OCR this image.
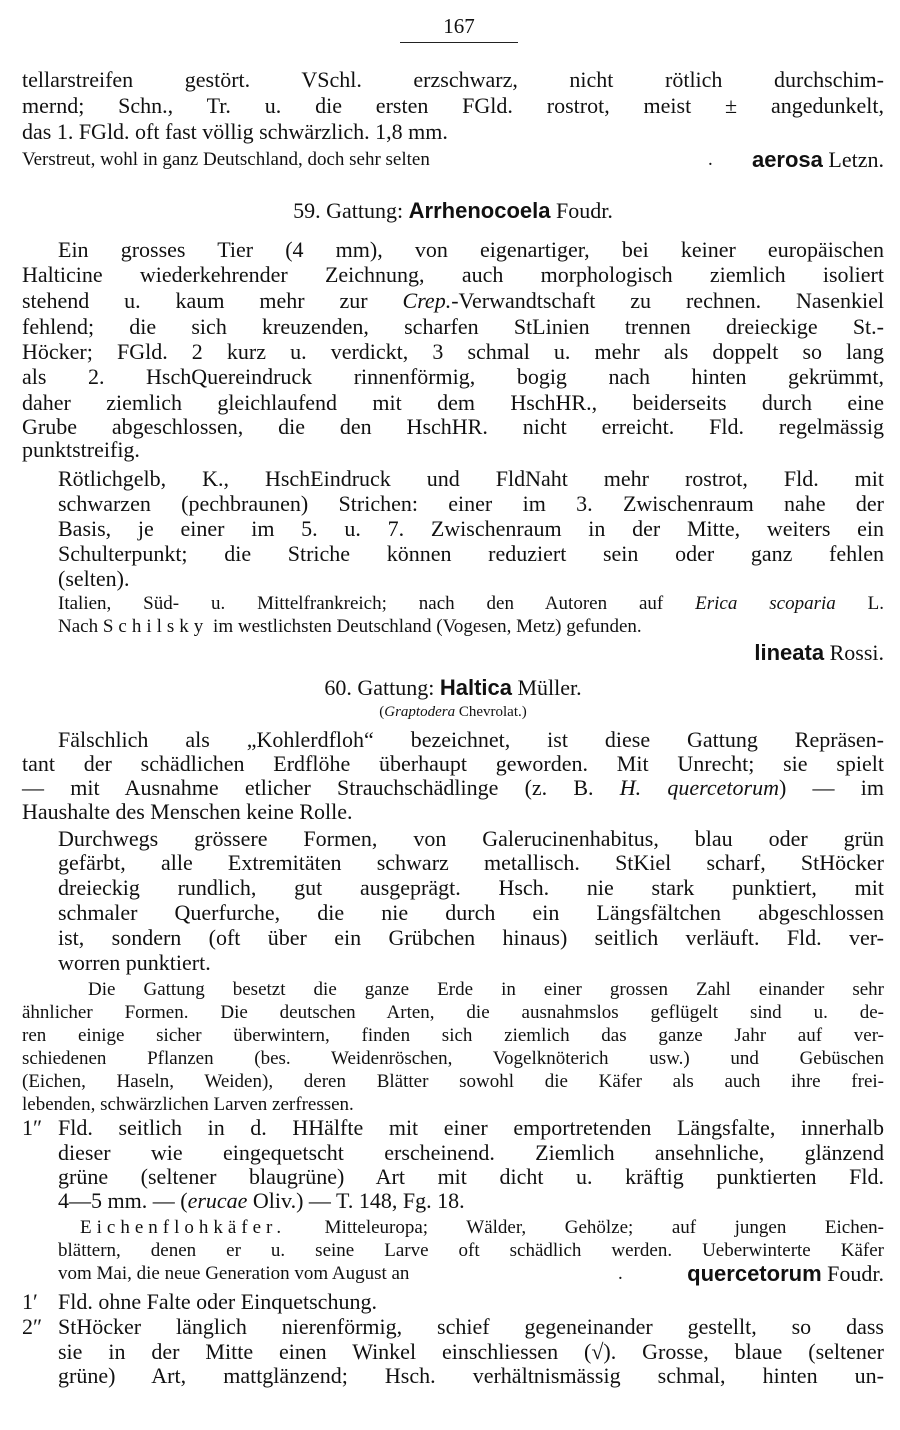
167
tellarstreifen gestört. VSchl. erzschwarz, nicht rötlich durchschim-
mernd; Schn., Tr. u. die ersten FGld. rostrot, meist ± angedunkelt,
das 1. FGld. oft fast völlig schwärzlich. 1,8 mm.
Verstreut, wohl in ganz Deutschland, doch sehr selten	. aerosa Letzn.
59. Gattung: Arrhenocoela Foudr.
Ein grosses Tier (4 mm), von eigenartiger, bei keiner europäischen
Halticine wiederkehrender Zeichnung, auch morphologisch ziemlich isoliert
stehend u. kaum mehr zur Crep.-Verwandtschaft zu rechnen. Nasenkiel
fehlend; die sich kreuzenden, scharfen StLinien trennen dreieckige St.-
Höcker; FGld. 2 kurz u. verdickt, 3 schmal u. mehr als doppelt so lang
als 2. HschQuereindruck rinnenförmig, bogig nach hinten gekrümmt,
daher ziemlich gleichlaufend mit dem HschHR., beiderseits durch eine
Grube abgeschlossen, die den HschHR. nicht erreicht. Fld. regelmässig
punktstreifig.
Rötlichgelb, K., HschEindruck und FldNaht mehr rostrot, Fld. mit
schwarzen (pechbraunen) Strichen: einer im 3. Zwischenraum nahe der
Basis, je einer im 5. u. 7. Zwischenraum in der Mitte, weiters ein
Schulterpunkt; die Striche können reduziert sein oder ganz fehlen
(selten).
Italien, Süd- u. Mittelfrankreich; nach den Autoren auf Erica scoparia L.
Nach Schilsky im westlichsten Deutschland (Vogesen, Metz) gefunden.
lineata Rossi.
60. Gattung: Haltica Müller.
(Graptodera Chevrolat.)
Fälschlich als „Kohlerdfloh“ bezeichnet, ist diese Gattung Repräsen-
tant der schädlichen Erdflöhe überhaupt geworden. Mit Unrecht; sie spielt
— mit Ausnahme etlicher Strauchschädlinge (z. B. H. quercetorum) — im
Haushalte des Menschen keine Rolle.
Durchwegs grössere Formen, von Galerucinenhabitus, blau oder grün
gefärbt, alle Extremitäten schwarz metallisch. StKiel scharf, StHöcker
dreieckig rundlich, gut ausgeprägt. Hsch. nie stark punktiert, mit
schmaler Querfurche, die nie durch ein Längsfältchen abgeschlossen
ist, sondern (oft über ein Grübchen hinaus) seitlich verläuft. Fld. ver-
worren punktiert.
Die Gattung besetzt die ganze Erde in einer grossen Zahl einander sehr
ähnlicher Formen. Die deutschen Arten, die ausnahmslos geflügelt sind u. de-
ren einige sicher überwintern, finden sich ziemlich das ganze Jahr auf ver-
schiedenen Pflanzen (bes. Weidenröschen, Vogelknöterich usw.) und Gebüschen
(Eichen, Haseln, Weiden), deren Blätter sowohl die Käfer als auch ihre frei-
lebenden, schwärzlichen Larven zerfressen.
1″ Fld. seitlich in d. HHälfte mit einer emportretenden Längsfalte, innerhalb
dieser wie eingequetscht erscheinend. Ziemlich ansehnliche, glänzend
grüne (seltener blaugrüne) Art mit dicht u. kräftig punktierten Fld.
4—5 mm. — (erucae Oliv.) — T. 148, Fg. 18.
Eichenflohkäfer. Mitteleuropa; Wälder, Gehölze; auf jungen Eichen-
blättern, denen er u. seine Larve oft schädlich werden. Ueberwinterte Käfer
vom Mai, die neue Generation vom August an	.	quercetorum Foudr.
1′ Fld. ohne Falte oder Einquetschung.
2″ StHöcker länglich nierenförmig, schief gegeneinander gestellt, so dass
sie in der Mitte einen Winkel einschliessen (√). Grosse, blaue (seltener
grüne) Art, mattglänzend; Hsch. verhältnismässig schmal, hinten un-
